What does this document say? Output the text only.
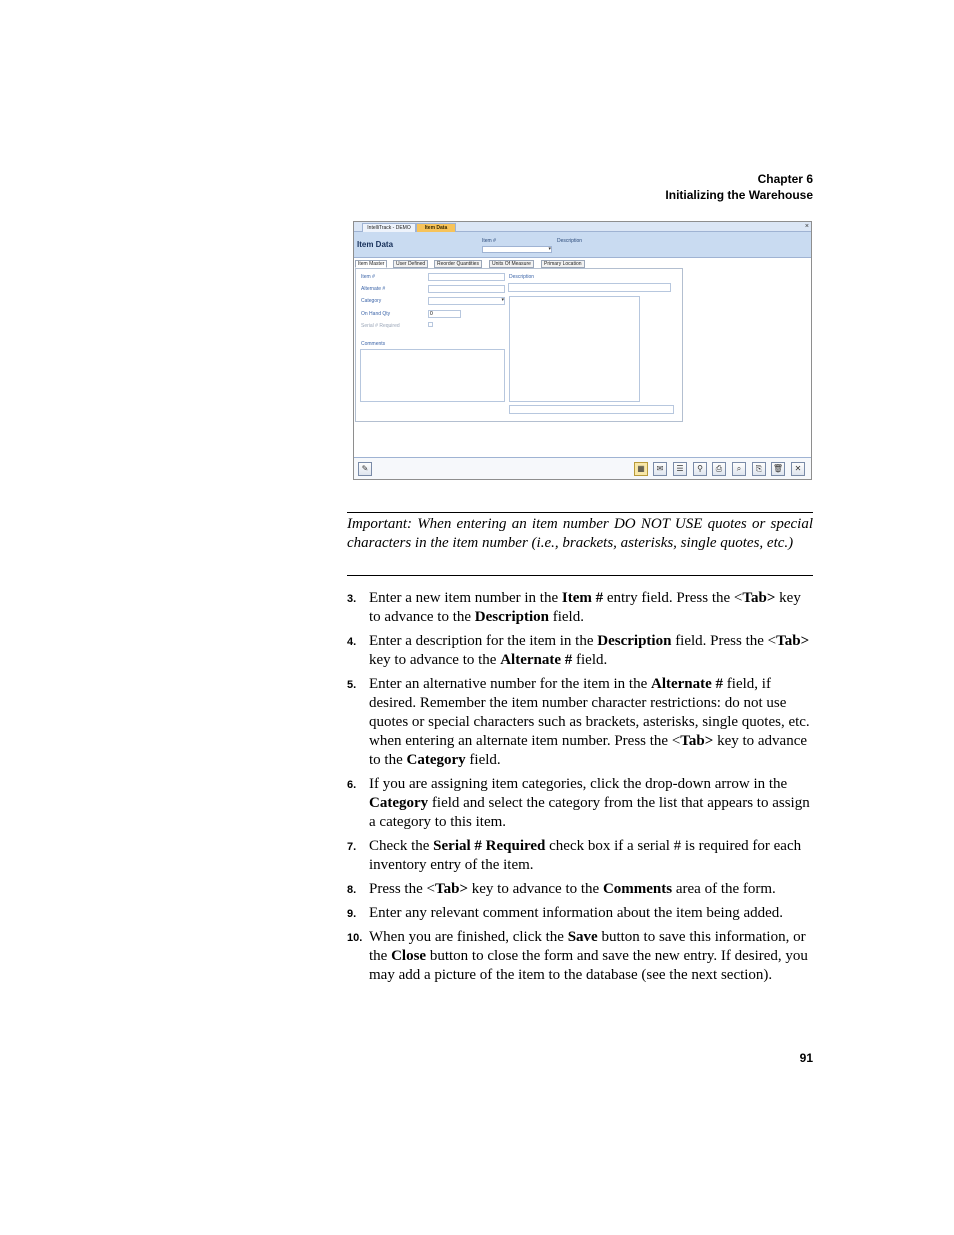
Chapter 6
Initializing the Warehouse
IntelliTrack - DEMO	Item Data	×
Item Data	Item #	Description
▾
Item Master	User Defined	Reorder Quantities	Units Of Measure	Primary Location
Item #
Alternate #
Category	▾
On Hand Qty	0
Serial # Required
Comments
Description
✎	▦	✉	☰	⚲	⎙	⌕	⎘	🗑	✕
Important: When entering an item number DO NOT USE quotes or special characters in the item number (i.e., brackets, asterisks, single quotes, etc.)
3. Enter a new item number in the Item # entry field. Press the <Tab> key to advance to the Description field.
4. Enter a description for the item in the Description field. Press the <Tab> key to advance to the Alternate # field.
5. Enter an alternative number for the item in the Alternate # field, if desired. Remember the item number character restrictions: do not use quotes or special characters such as brackets, asterisks, single quotes, etc. when entering an alternate item number. Press the <Tab> key to advance to the Category field.
6. If you are assigning item categories, click the drop-down arrow in the Category field and select the category from the list that appears to assign a category to this item.
7. Check the Serial # Required check box if a serial # is required for each inventory entry of the item.
8. Press the <Tab> key to advance to the Comments area of the form.
9. Enter any relevant comment information about the item being added.
10. When you are finished, click the Save button to save this information, or the Close button to close the form and save the new entry. If desired, you may add a picture of the item to the database (see the next section).
91
